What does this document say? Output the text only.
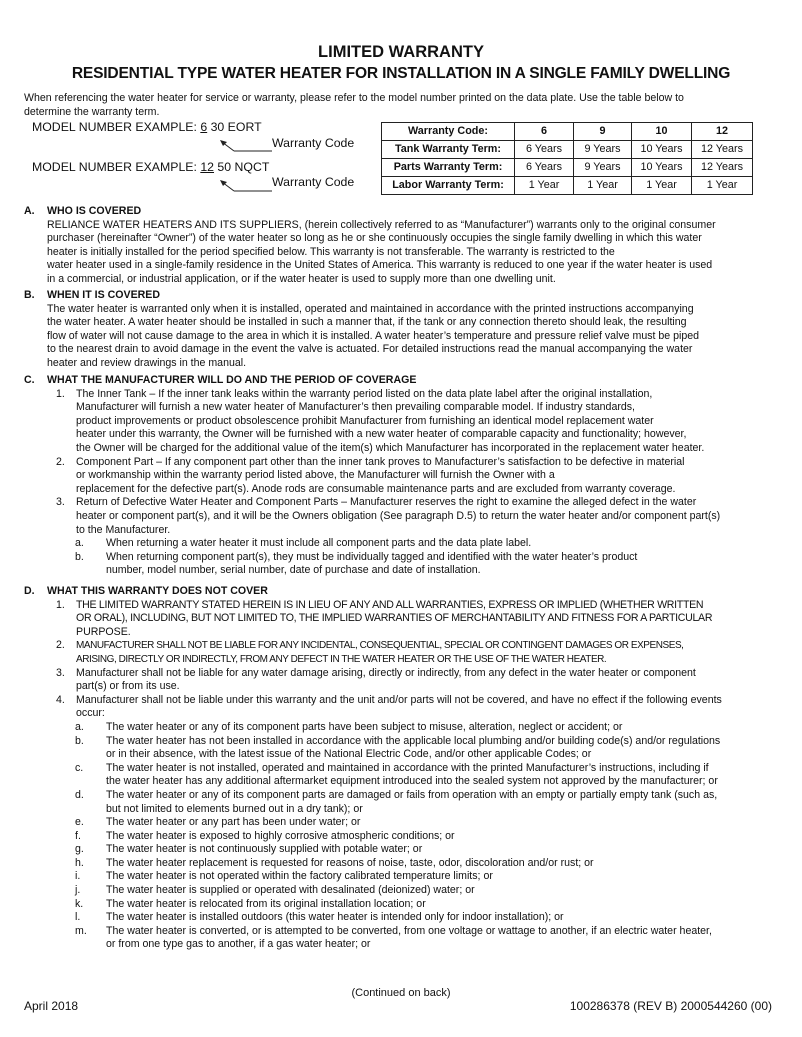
LIMITED WARRANTY
RESIDENTIAL TYPE WATER HEATER FOR INSTALLATION IN A SINGLE FAMILY DWELLING
When referencing the water heater for service or warranty, please refer to the model number printed on the data plate. Use the table below to
determine the warranty term.
MODEL NUMBER EXAMPLE: 6 30 EORT
Warranty Code
MODEL NUMBER EXAMPLE: 12 50 NQCT
Warranty Code
Warranty Code:	6	9	10	12
Tank Warranty Term:	6 Years	9 Years	10 Years	12 Years
Parts Warranty Term:	6 Years	9 Years	10 Years	12 Years
Labor Warranty Term:	1 Year	1 Year	1 Year	1 Year
A. WHO IS COVERED
RELIANCE WATER HEATERS AND ITS SUPPLIERS, (herein collectively referred to as “Manufacturer”) warrants only to the original consumer
purchaser (hereinafter “Owner”) of the water heater so long as he or she continuously occupies the single family dwelling in which this water
heater is initially installed for the period specified below. This warranty is not transferable. The warranty is restricted to the
water heater used in a single-family residence in the United States of America. This warranty is reduced to one year if the water heater is used
in a commercial, or industrial application, or if the water heater is used to supply more than one dwelling unit.
B. WHEN IT IS COVERED
The water heater is warranted only when it is installed, operated and maintained in accordance with the printed instructions accompanying
the water heater. A water heater should be installed in such a manner that, if the tank or any connection thereto should leak, the resulting
flow of water will not cause damage to the area in which it is installed. A water heater’s temperature and pressure relief valve must be piped
to the nearest drain to avoid damage in the event the valve is actuated. For detailed instructions read the manual accompanying the water
heater and review drawings in the manual.
C. WHAT THE MANUFACTURER WILL DO AND THE PERIOD OF COVERAGE
1. The Inner Tank – If the inner tank leaks within the warranty period listed on the data plate label after the original installation,
Manufacturer will furnish a new water heater of Manufacturer’s then prevailing comparable model. If industry standards,
product improvements or product obsolescence prohibit Manufacturer from furnishing an identical model replacement water
heater under this warranty, the Owner will be furnished with a new water heater of comparable capacity and functionality; however,
the Owner will be charged for the additional value of the item(s) which Manufacturer has incorporated in the replacement water heater.
2. Component Part – If any component part other than the inner tank proves to Manufacturer’s satisfaction to be defective in material
or workmanship within the warranty period listed above, the Manufacturer will furnish the Owner with a
replacement for the defective part(s). Anode rods are consumable maintenance parts and are excluded from warranty coverage.
3. Return of Defective Water Heater and Component Parts – Manufacturer reserves the right to examine the alleged defect in the water
heater or component part(s), and it will be the Owners obligation (See paragraph D.5) to return the water heater and/or component part(s)
to the Manufacturer.
a. When returning a water heater it must include all component parts and the data plate label.
b. When returning component part(s), they must be individually tagged and identified with the water heater’s product
number, model number, serial number, date of purchase and date of installation.
D. WHAT THIS WARRANTY DOES NOT COVER
1. THE LIMITED WARRANTY STATED HEREIN IS IN LIEU OF ANY AND ALL WARRANTIES, EXPRESS OR IMPLIED (WHETHER WRITTEN
OR ORAL), INCLUDING, BUT NOT LIMITED TO, THE IMPLIED WARRANTIES OF MERCHANTABILITY AND FITNESS FOR A PARTICULAR
PURPOSE.
2. MANUFACTURER SHALL NOT BE LIABLE FOR ANY INCIDENTAL, CONSEQUENTIAL, SPECIAL OR CONTINGENT DAMAGES OR EXPENSES,
ARISING, DIRECTLY OR INDIRECTLY, FROM ANY DEFECT IN THE WATER HEATER OR THE USE OF THE WATER HEATER.
3. Manufacturer shall not be liable for any water damage arising, directly or indirectly, from any defect in the water heater or component
part(s) or from its use.
4. Manufacturer shall not be liable under this warranty and the unit and/or parts will not be covered, and have no effect if the following events
occur:
a. The water heater or any of its component parts have been subject to misuse, alteration, neglect or accident; or
b. The water heater has not been installed in accordance with the applicable local plumbing and/or building code(s) and/or regulations
or in their absence, with the latest issue of the National Electric Code, and/or other applicable Codes; or
c. The water heater is not installed, operated and maintained in accordance with the printed Manufacturer’s instructions, including if
the water heater has any additional aftermarket equipment introduced into the sealed system not approved by the manufacturer; or
d. The water heater or any of its component parts are damaged or fails from operation with an empty or partially empty tank (such as,
but not limited to elements burned out in a dry tank); or
e. The water heater or any part has been under water; or
f. The water heater is exposed to highly corrosive atmospheric conditions; or
g. The water heater is not continuously supplied with potable water; or
h. The water heater replacement is requested for reasons of noise, taste, odor, discoloration and/or rust; or
i. The water heater is not operated within the factory calibrated temperature limits; or
j. The water heater is supplied or operated with desalinated (deionized) water; or
k. The water heater is relocated from its original installation location; or
l. The water heater is installed outdoors (this water heater is intended only for indoor installation); or
m. The water heater is converted, or is attempted to be converted, from one voltage or wattage to another, if an electric water heater,
or from one type gas to another, if a gas water heater; or
(Continued on back)
April 2018	100286378 (REV B) 2000544260 (00)
